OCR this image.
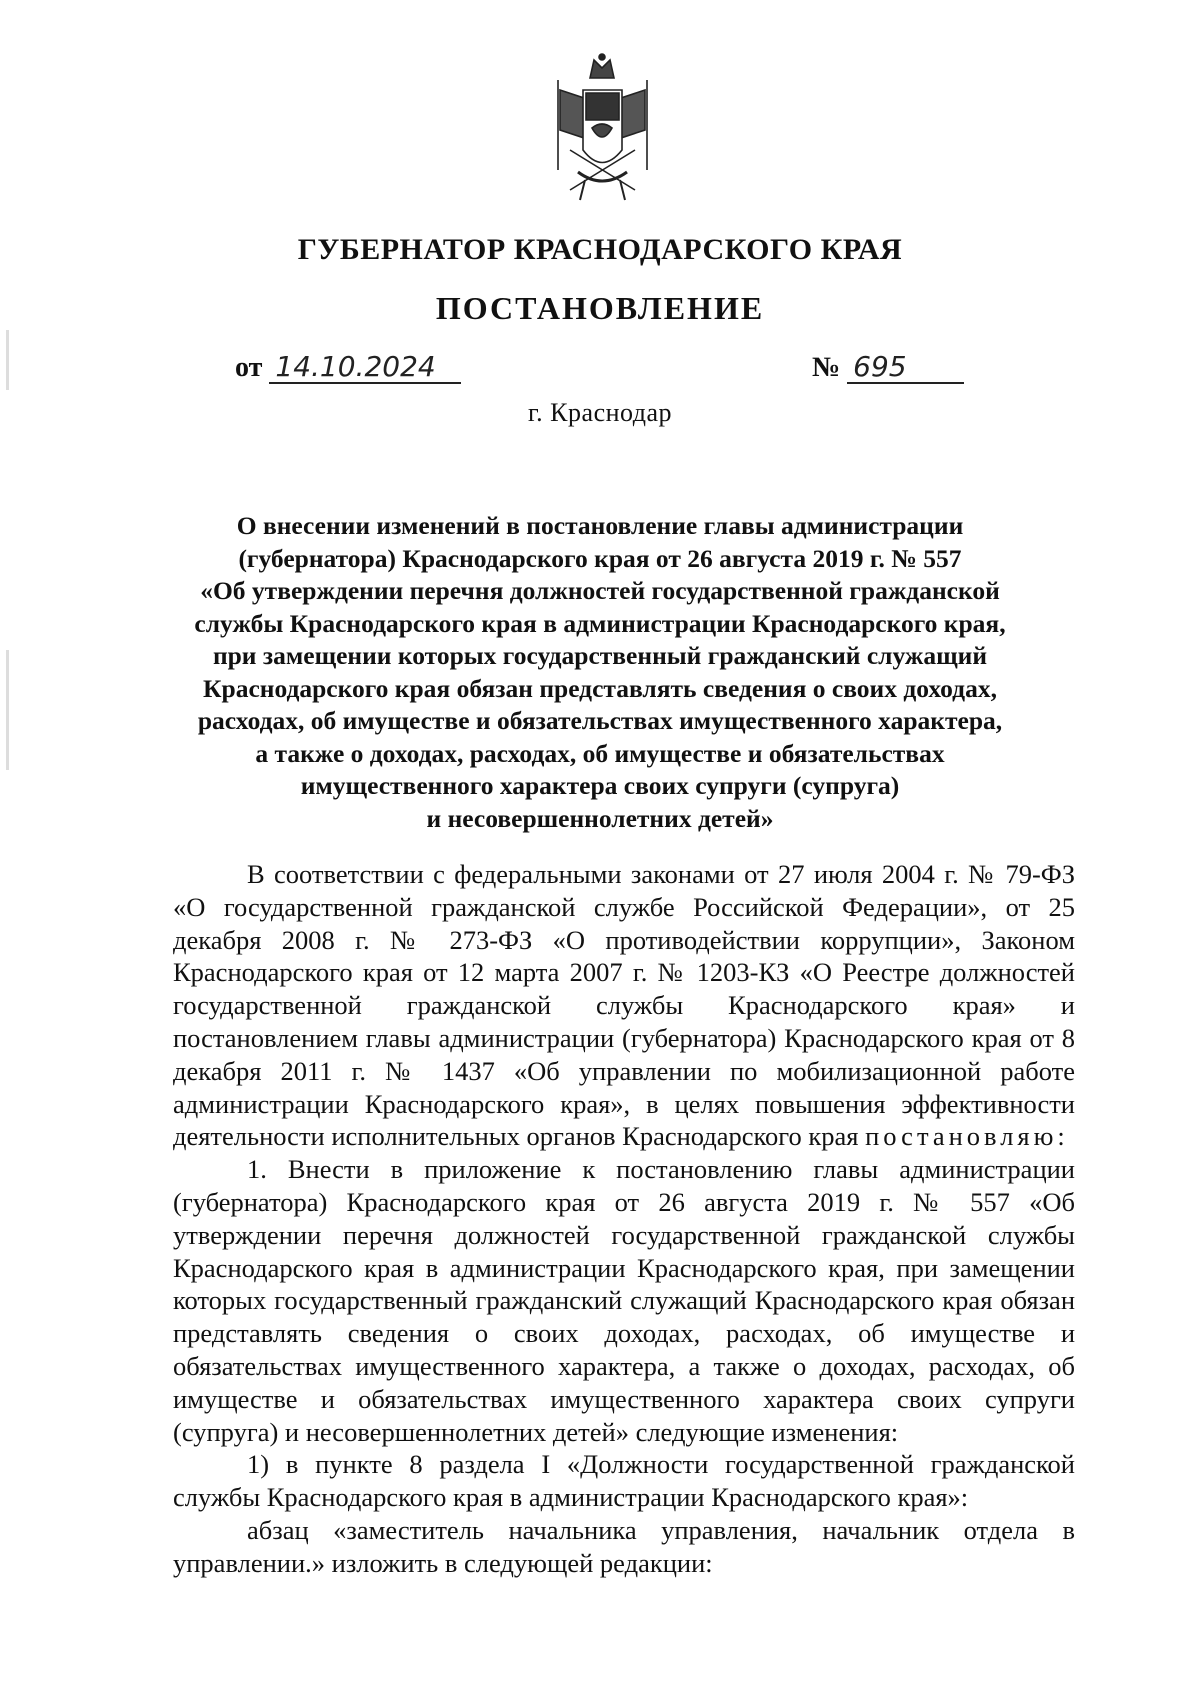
ГУБЕРНАТОР КРАСНОДАРСКОГО КРАЯ
ПОСТАНОВЛЕНИЕ
от 14.10.2024	№ 695
г. Краснодар
О внесении изменений в постановление главы администрации
(губернатора) Краснодарского края от 26 августа 2019 г. № 557
«Об утверждении перечня должностей государственной гражданской
службы Краснодарского края в администрации Краснодарского края,
при замещении которых государственный гражданский служащий
Краснодарского края обязан представлять сведения о своих доходах,
расходах, об имуществе и обязательствах имущественного характера,
а также о доходах, расходах, об имуществе и обязательствах
имущественного характера своих супруги (супруга)
и несовершеннолетних детей»

В соответствии с федеральными законами от 27 июля 2004 г. № 79-ФЗ «О государственной гражданской службе Российской Федерации», от 25 декабря 2008 г. № 273-ФЗ «О противодействии коррупции», Законом Краснодарского края от 12 марта 2007 г. № 1203-КЗ «О Реестре должностей государственной гражданской службы Краснодарского края» и постановлением главы администрации (губернатора) Краснодарского края от 8 декабря 2011 г. № 1437 «Об управлении по мобилизационной работе администрации Краснодарского края», в целях повышения эффективности деятельности исполнительных органов Краснодарского края постановляю:

1. Внести в приложение к постановлению главы администрации (губернатора) Краснодарского края от 26 августа 2019 г. № 557 «Об утверждении перечня должностей государственной гражданской службы Краснодарского края в администрации Краснодарского края, при замещении которых государственный гражданский служащий Краснодарского края обязан представлять сведения о своих доходах, расходах, об имуществе и обязательствах имущественного характера, а также о доходах, расходах, об имуществе и обязательствах имущественного характера своих супруги (супруга) и несовершеннолетних детей» следующие изменения:

1) в пункте 8 раздела I «Должности государственной гражданской службы Краснодарского края в администрации Краснодарского края»:

абзац «заместитель начальника управления, начальник отдела в управлении.» изложить в следующей редакции:
